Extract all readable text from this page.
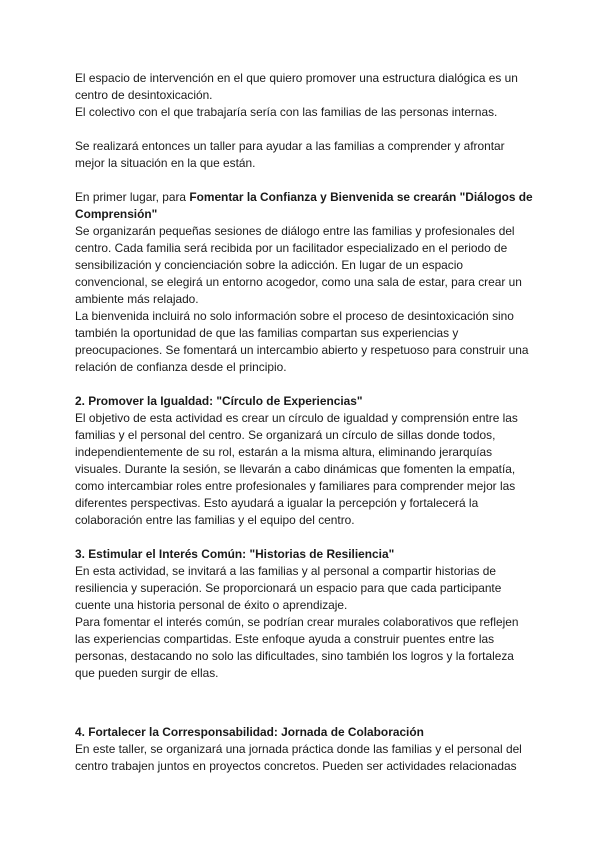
El espacio de intervención en el que quiero promover una estructura dialógica es un centro de desintoxicación.

El colectivo con el que trabajaría sería con las familias de las personas internas.

Se realizará entonces un taller para ayudar a las familias a comprender y afrontar mejor la situación en la que están.

En primer lugar, para Fomentar la Confianza y Bienvenida se crearán "Diálogos de Comprensión"

Se organizarán pequeñas sesiones de diálogo entre las familias y profesionales del centro. Cada familia será recibida por un facilitador especializado en el periodo de sensibilización y concienciación sobre la adicción. En lugar de un espacio convencional, se elegirá un entorno acogedor, como una sala de estar, para crear un ambiente más relajado.

La bienvenida incluirá no solo información sobre el proceso de desintoxicación sino también la oportunidad de que las familias compartan sus experiencias y preocupaciones. Se fomentará un intercambio abierto y respetuoso para construir una relación de confianza desde el principio.

2. Promover la Igualdad: "Círculo de Experiencias"

El objetivo de esta actividad es crear un círculo de igualdad y comprensión entre las familias y el personal del centro. Se organizará un círculo de sillas donde todos, independientemente de su rol, estarán a la misma altura, eliminando jerarquías visuales. Durante la sesión, se llevarán a cabo dinámicas que fomenten la empatía, como intercambiar roles entre profesionales y familiares para comprender mejor las diferentes perspectivas. Esto ayudará a igualar la percepción y fortalecerá la colaboración entre las familias y el equipo del centro.

3. Estimular el Interés Común: "Historias de Resiliencia"

En esta actividad, se invitará a las familias y al personal a compartir historias de resiliencia y superación. Se proporcionará un espacio para que cada participante cuente una historia personal de éxito o aprendizaje.

Para fomentar el interés común, se podrían crear murales colaborativos que reflejen las experiencias compartidas. Este enfoque ayuda a construir puentes entre las personas, destacando no solo las dificultades, sino también los logros y la fortaleza que pueden surgir de ellas.

4. Fortalecer la Corresponsabilidad: Jornada de Colaboración

En este taller, se organizará una jornada práctica donde las familias y el personal del centro trabajen juntos en proyectos concretos. Pueden ser actividades relacionadas
